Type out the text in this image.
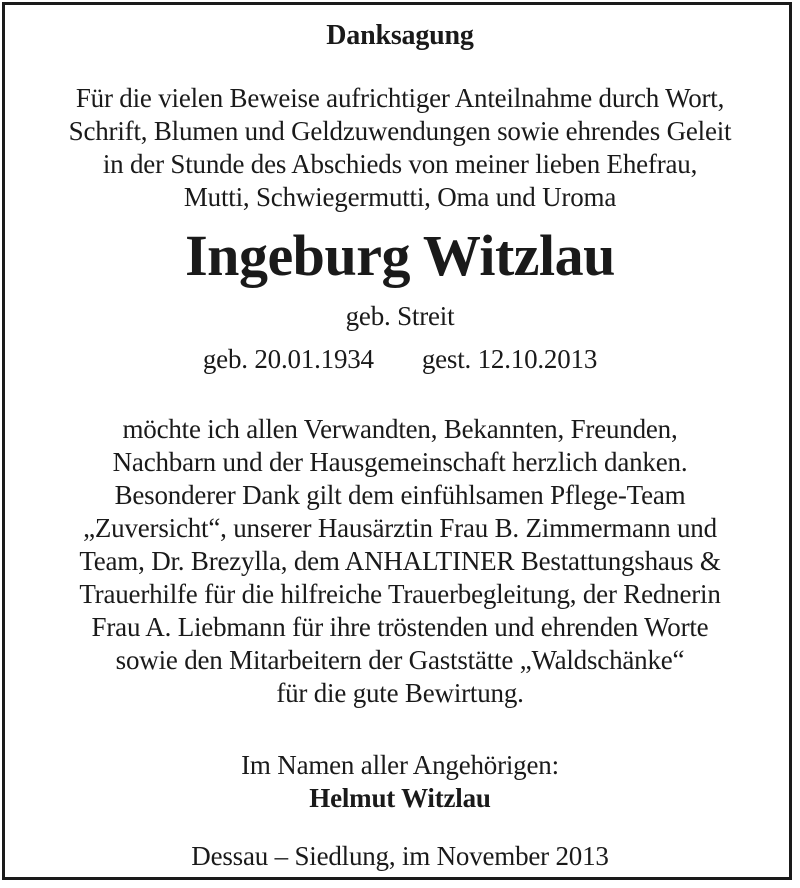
Danksagung
Für die vielen Beweise aufrichtiger Anteilnahme durch Wort,
Schrift, Blumen und Geldzuwendungen sowie ehrendes Geleit
in der Stunde des Abschieds von meiner lieben Ehefrau,
Mutti, Schwiegermutti, Oma und Uroma
Ingeburg Witzlau
geb. Streit
geb. 20.01.1934 gest. 12.10.2013
möchte ich allen Verwandten, Bekannten, Freunden,
Nachbarn und der Hausgemeinschaft herzlich danken.
Besonderer Dank gilt dem einfühlsamen Pflege-Team
„Zuversicht“, unserer Hausärztin Frau B. Zimmermann und
Team, Dr. Brezylla, dem ANHALTINER Bestattungshaus &
Trauerhilfe für die hilfreiche Trauerbegleitung, der Rednerin
Frau A. Liebmann für ihre tröstenden und ehrenden Worte
sowie den Mitarbeitern der Gaststätte „Waldschänke“
für die gute Bewirtung.
Im Namen aller Angehörigen:
Helmut Witzlau
Dessau – Siedlung, im November 2013
